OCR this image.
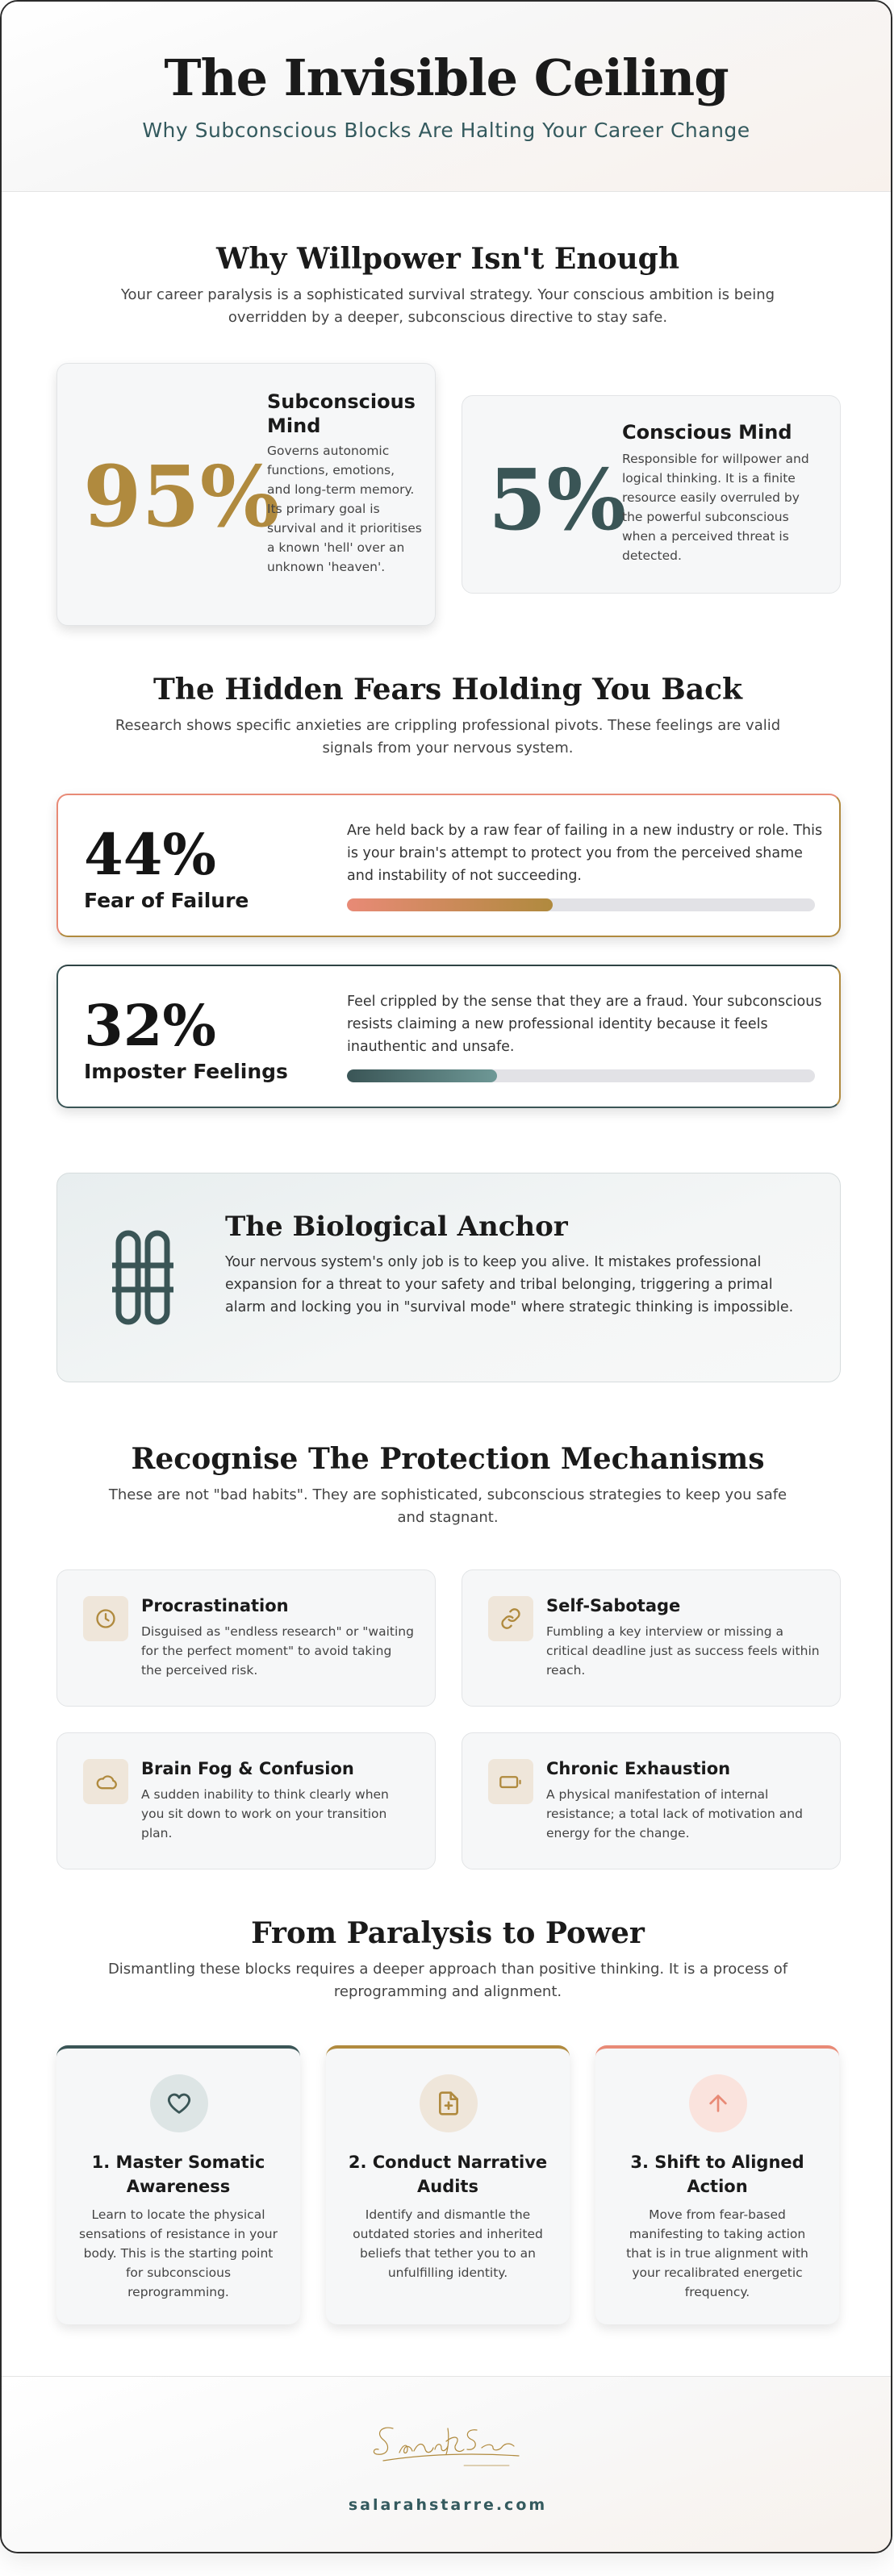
The Invisible Ceiling
Why Subconscious Blocks Are Halting Your Career Change
Why Willpower Isn't Enough
Your career paralysis is a sophisticated survival strategy. Your conscious ambition is being overridden by a deeper, subconscious directive to stay safe.
95%
Subconscious Mind
Governs autonomic functions, emotions, and long-term memory. Its primary goal is survival and it prioritises a known 'hell' over an unknown 'heaven'.
5%
Conscious Mind
Responsible for willpower and logical thinking. It is a finite resource easily overruled by the powerful subconscious when a perceived threat is detected.
The Hidden Fears Holding You Back
Research shows specific anxieties are crippling professional pivots. These feelings are valid signals from your nervous system.
44%
Fear of Failure
Are held back by a raw fear of failing in a new industry or role. This is your brain's attempt to protect you from the perceived shame and instability of not succeeding.
32%
Imposter Feelings
Feel crippled by the sense that they are a fraud. Your subconscious resists claiming a new professional identity because it feels inauthentic and unsafe.
The Biological Anchor
Your nervous system's only job is to keep you alive. It mistakes professional expansion for a threat to your safety and tribal belonging, triggering a primal alarm and locking you in "survival mode" where strategic thinking is impossible.
Recognise The Protection Mechanisms
These are not "bad habits". They are sophisticated, subconscious strategies to keep you safe and stagnant.
Procrastination
Disguised as "endless research" or "waiting for the perfect moment" to avoid taking the perceived risk.
Self-Sabotage
Fumbling a key interview or missing a critical deadline just as success feels within reach.
Brain Fog & Confusion
A sudden inability to think clearly when you sit down to work on your transition plan.
Chronic Exhaustion
A physical manifestation of internal resistance; a total lack of motivation and energy for the change.
From Paralysis to Power
Dismantling these blocks requires a deeper approach than positive thinking. It is a process of reprogramming and alignment.
1. Master Somatic Awareness
Learn to locate the physical sensations of resistance in your body. This is the starting point for subconscious reprogramming.
2. Conduct Narrative Audits
Identify and dismantle the outdated stories and inherited beliefs that tether you to an unfulfilling identity.
3. Shift to Aligned Action
Move from fear-based manifesting to taking action that is in true alignment with your recalibrated energetic frequency.
salarahstarre.com
